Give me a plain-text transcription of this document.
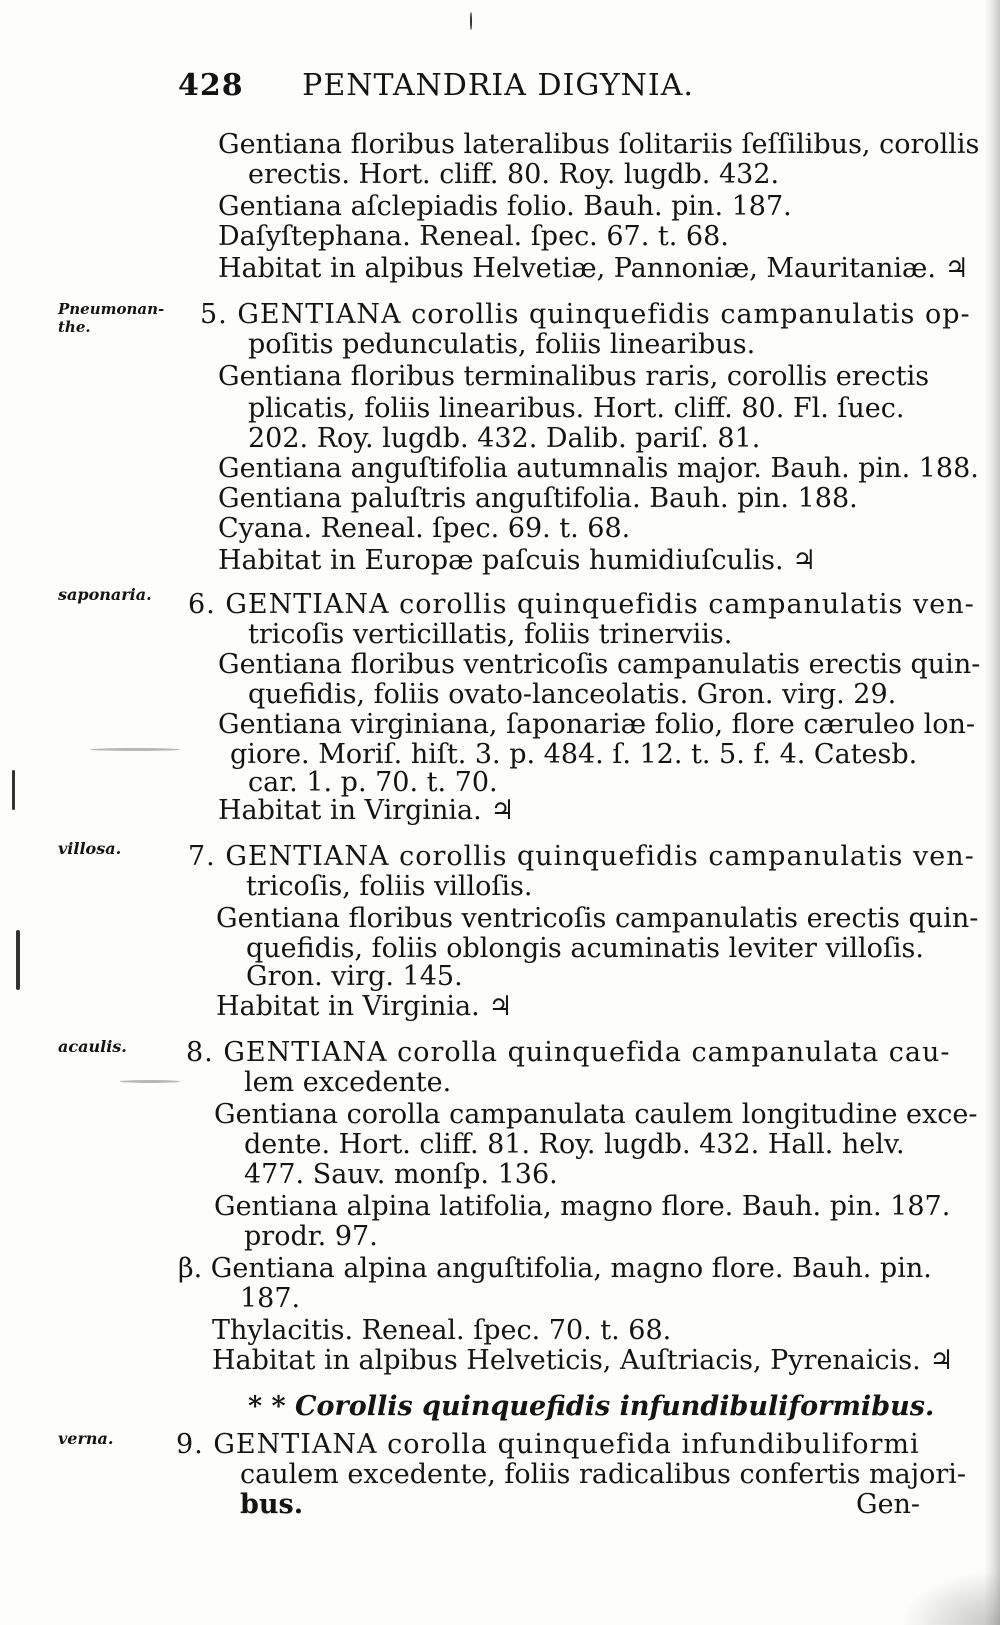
428 PENTANDRIA DIGYNIA.
Pneumonan-
the.
saponaria.
villosa.
acaulis.
verna.
Gentiana floribus lateralibus ſolitariis ſeſſilibus, corollis
erectis. Hort. cliff. 80. Roy. lugdb. 432.
Gentiana aſclepiadis folio. Bauh. pin. 187.
Daſyſtephana. Reneal. ſpec. 67. t. 68.
Habitat in alpibus Helvetiæ, Pannoniæ, Mauritaniæ. ♃
5. GENTIANA corollis quinquefidis campanulatis op-
poſitis pedunculatis, foliis linearibus.
Gentiana floribus terminalibus raris, corollis erectis
plicatis, foliis linearibus. Hort. cliff. 80. Fl. ſuec.
202. Roy. lugdb. 432. Dalib. pariſ. 81.
Gentiana anguſtifolia autumnalis major. Bauh. pin. 188.
Gentiana paluſtris anguſtifolia. Bauh. pin. 188.
Cyana. Reneal. ſpec. 69. t. 68.
Habitat in Europæ paſcuis humidiuſculis. ♃
6. GENTIANA corollis quinquefidis campanulatis ven-
tricoſis verticillatis, foliis trinerviis.
Gentiana floribus ventricoſis campanulatis erectis quin-
quefidis, foliis ovato-lanceolatis. Gron. virg. 29.
Gentiana virginiana, ſaponariæ folio, flore cæruleo lon-
giore. Moriſ. hiſt. 3. p. 484. ſ. 12. t. 5. f. 4. Catesb.
car. 1. p. 70. t. 70.
Habitat in Virginia. ♃
7. GENTIANA corollis quinquefidis campanulatis ven-
tricoſis, foliis villoſis.
Gentiana floribus ventricoſis campanulatis erectis quin-
quefidis, foliis oblongis acuminatis leviter villoſis.
Gron. virg. 145.
Habitat in Virginia. ♃
8. GENTIANA corolla quinquefida campanulata cau-
lem excedente.
Gentiana corolla campanulata caulem longitudine exce-
dente. Hort. cliff. 81. Roy. lugdb. 432. Hall. helv.
477. Sauv. monſp. 136.
Gentiana alpina latifolia, magno flore. Bauh. pin. 187.
prodr. 97.
β. Gentiana alpina anguſtifolia, magno flore. Bauh. pin.
187.
Thylacitis. Reneal. ſpec. 70. t. 68.
Habitat in alpibus Helveticis, Auſtriacis, Pyrenaicis. ♃
* * Corollis quinquefidis infundibuliformibus.
9. GENTIANA corolla quinquefida infundibuliformi
caulem excedente, foliis radicalibus confertis majori-
bus.	Gen-
